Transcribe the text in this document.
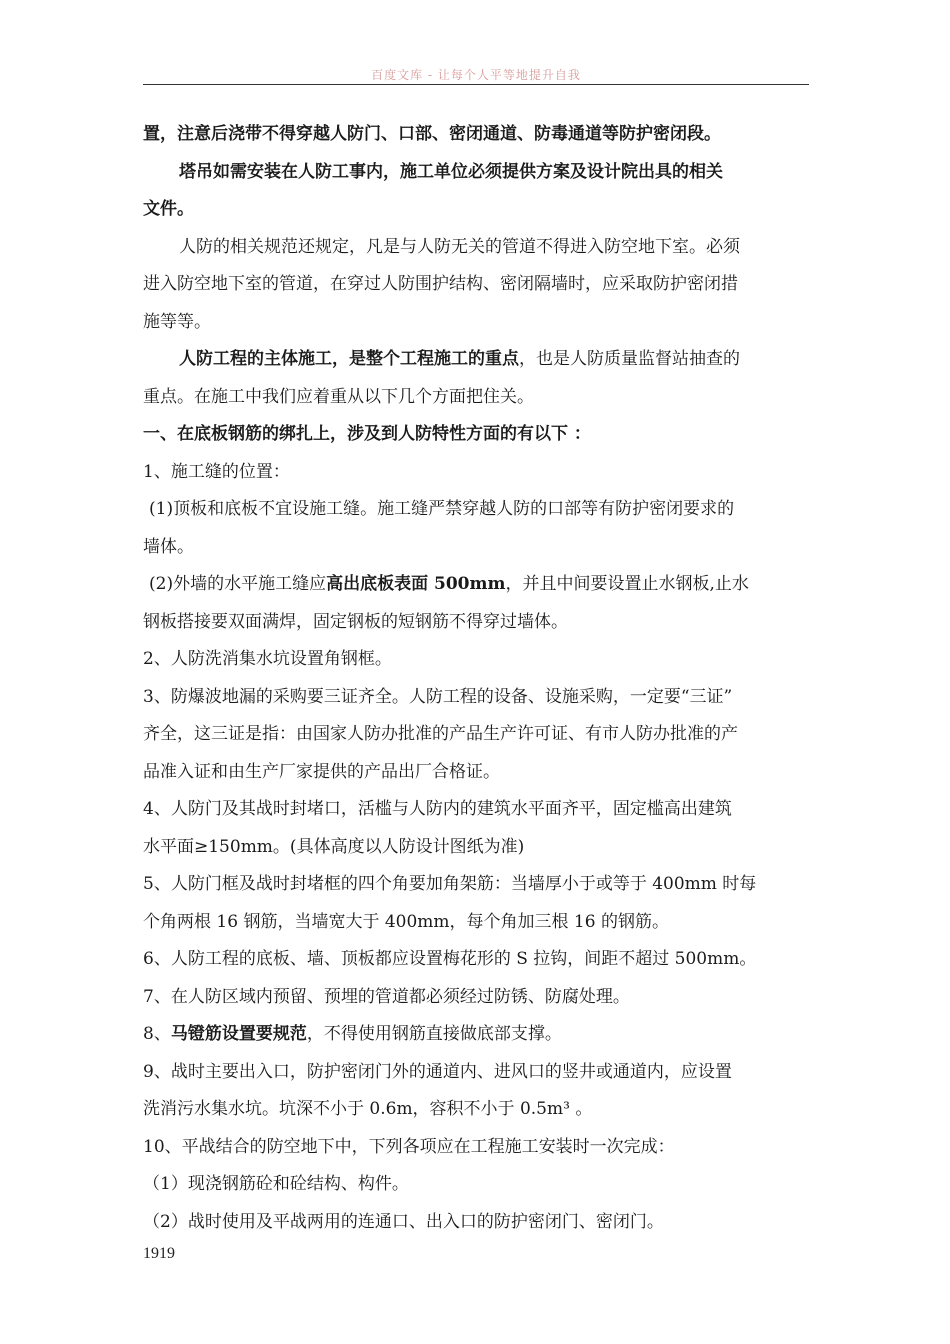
百度文库 - 让每个人平等地提升自我
置，注意后浇带不得穿越人防门、口部、密闭通道、防毒通道等防护密闭段。
塔吊如需安装在人防工事内，施工单位必须提供方案及设计院出具的相关
文件。
人防的相关规范还规定，凡是与人防无关的管道不得进入防空地下室。必须
进入防空地下室的管道，在穿过人防围护结构、密闭隔墙时，应采取防护密闭措
施等等。
人防工程的主体施工，是整个工程施工的重点，也是人防质量监督站抽查的
重点。在施工中我们应着重从以下几个方面把住关。
一、在底板钢筋的绑扎上，涉及到人防特性方面的有以下 ：
1、施工缝的位置：
(1)顶板和底板不宜设施工缝。施工缝严禁穿越人防的口部等有防护密闭要求的
墙体。
(2)外墙的水平施工缝应高出底板表面 500mm，并且中间要设置止水钢板,止水
钢板搭接要双面满焊，固定钢板的短钢筋不得穿过墙体。
2、人防洗消集水坑设置角钢框。
3、防爆波地漏的采购要三证齐全。人防工程的设备、设施采购，一定要“三证”
齐全，这三证是指：由国家人防办批准的产品生产许可证、有市人防办批准的产
品准入证和由生产厂家提供的产品出厂合格证。
4、人防门及其战时封堵口，活槛与人防内的建筑水平面齐平，固定槛高出建筑
水平面≥150mm。(具体高度以人防设计图纸为准)
5、人防门框及战时封堵框的四个角要加角架筋：当墙厚小于或等于 400mm 时每
个角两根 16 钢筋，当墙宽大于 400mm，每个角加三根 16 的钢筋。
6、人防工程的底板、墙、顶板都应设置梅花形的 S 拉钩，间距不超过 500mm。
7、在人防区域内预留、预埋的管道都必须经过防锈、防腐处理。
8、马镫筋设置要规范，不得使用钢筋直接做底部支撑。
9、战时主要出入口，防护密闭门外的通道内、进风口的竖井或通道内，应设置
洗消污水集水坑。坑深不小于 0.6m，容积不小于 0.5m³ 。
10、平战结合的防空地下中，下列各项应在工程施工安装时一次完成：
（1）现浇钢筋砼和砼结构、构件。
（2）战时使用及平战两用的连通口、出入口的防护密闭门、密闭门。
1919
